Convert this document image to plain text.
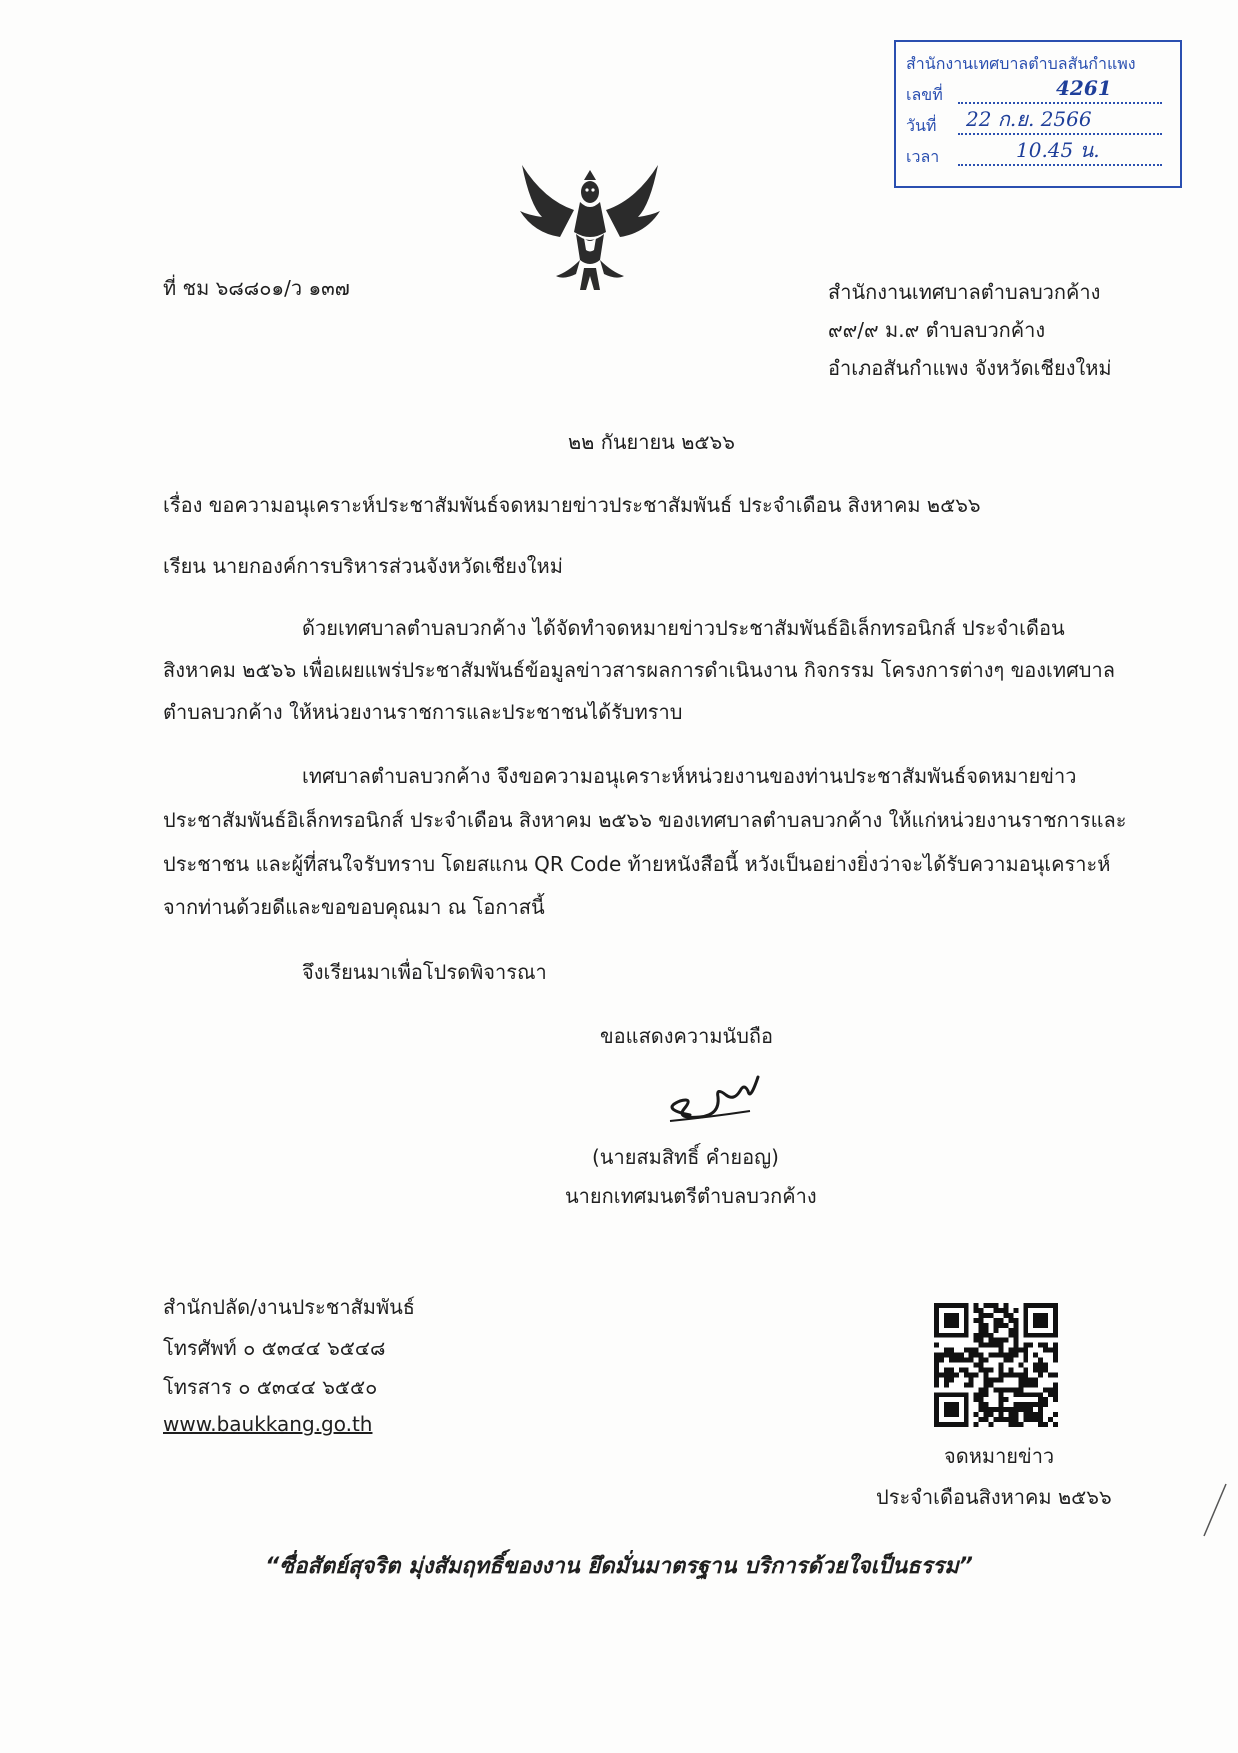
สำนักงานเทศบาลตำบลสันกำแพง
เลขที่	4261
วันที่ 22 ก.ย. 2566
เวลา	10.45 น.
ที่ ชม ๖๘๘๐๑/ว ๑๓๗	สำนักงานเทศบาลตำบลบวกค้าง
๙๙/๙ ม.๙ ตำบลบวกค้าง
อำเภอสันกำแพง จังหวัดเชียงใหม่
๒๒ กันยายน ๒๕๖๖
เรื่อง ขอความอนุเคราะห์ประชาสัมพันธ์จดหมายข่าวประชาสัมพันธ์ ประจำเดือน สิงหาคม ๒๕๖๖
เรียน นายกองค์การบริหารส่วนจังหวัดเชียงใหม่
ด้วยเทศบาลตำบลบวกค้าง ได้จัดทำจดหมายข่าวประชาสัมพันธ์อิเล็กทรอนิกส์ ประจำเดือน
สิงหาคม ๒๕๖๖ เพื่อเผยแพร่ประชาสัมพันธ์ข้อมูลข่าวสารผลการดำเนินงาน กิจกรรม โครงการต่างๆ ของเทศบาล
ตำบลบวกค้าง ให้หน่วยงานราชการและประชาชนได้รับทราบ
เทศบาลตำบลบวกค้าง จึงขอความอนุเคราะห์หน่วยงานของท่านประชาสัมพันธ์จดหมายข่าว
ประชาสัมพันธ์อิเล็กทรอนิกส์ ประจำเดือน สิงหาคม ๒๕๖๖ ของเทศบาลตำบลบวกค้าง ให้แก่หน่วยงานราชการและ
ประชาชน และผู้ที่สนใจรับทราบ โดยสแกน QR Code ท้ายหนังสือนี้ หวังเป็นอย่างยิ่งว่าจะได้รับความอนุเคราะห์
จากท่านด้วยดีและขอขอบคุณมา ณ โอกาสนี้
จึงเรียนมาเพื่อโปรดพิจารณา
ขอแสดงความนับถือ
(นายสมสิทธิ์ คำยอญ)
นายกเทศมนตรีตำบลบวกค้าง
สำนักปลัด/งานประชาสัมพันธ์
โทรศัพท์ ๐ ๕๓๔๔ ๖๕๔๘
โทรสาร ๐ ๕๓๔๔ ๖๕๕๐
www.baukkang.go.th
จดหมายข่าว
ประจำเดือนสิงหาคม ๒๕๖๖
“ซื่อสัตย์สุจริต มุ่งสัมฤทธิ์ของงาน ยึดมั่นมาตรฐาน บริการด้วยใจเป็นธรรม”
